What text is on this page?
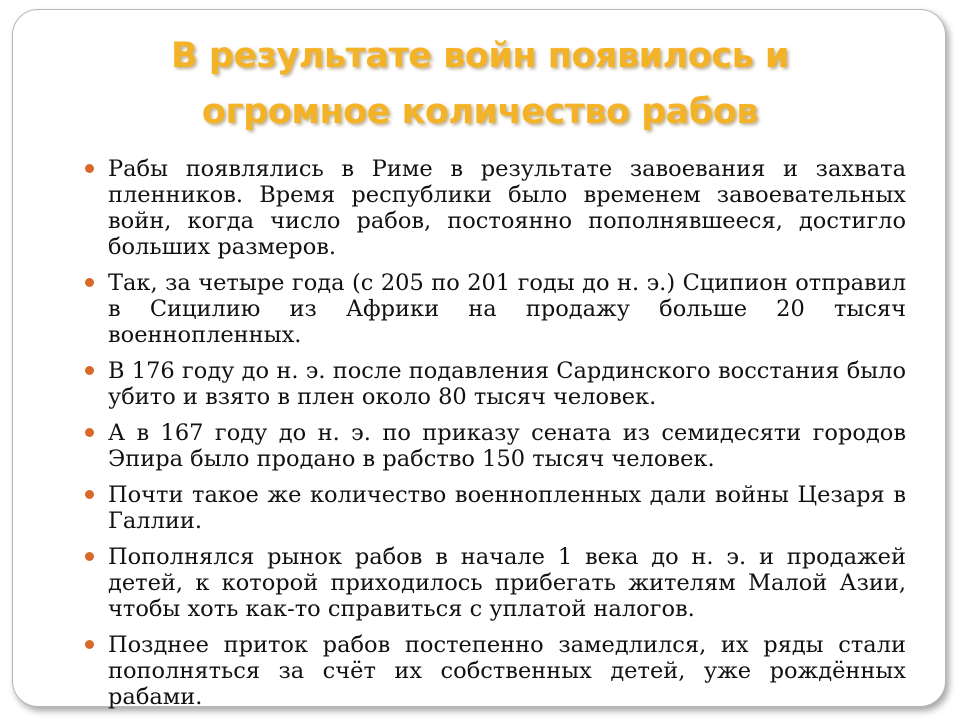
В результате войн появилось и
огромное количество рабов
Рабы появлялись в Риме в результате завоевания и захвата пленников. Время республики было временем завоевательных войн, когда число рабов, постоянно пополнявшееся, достигло больших размеров.
Так, за четыре года (с 205 по 201 годы до н. э.) Сципион отправил в Сицилию из Африки на продажу больше 20 тысяч военнопленных.
В 176 году до н. э. после подавления Сардинского восстания было убито и взято в плен около 80 тысяч человек.
А в 167 году до н. э. по приказу сената из семидесяти городов Эпира было продано в рабство 150 тысяч человек.
Почти такое же количество военнопленных дали войны Цезаря в Галлии.
Пополнялся рынок рабов в начале 1 века до н. э. и продажей детей, к которой приходилось прибегать жителям Малой Азии, чтобы хоть как-то справиться с уплатой налогов.
Позднее приток рабов постепенно замедлился, их ряды стали пополняться за счёт их собственных детей, уже рождённых рабами.
